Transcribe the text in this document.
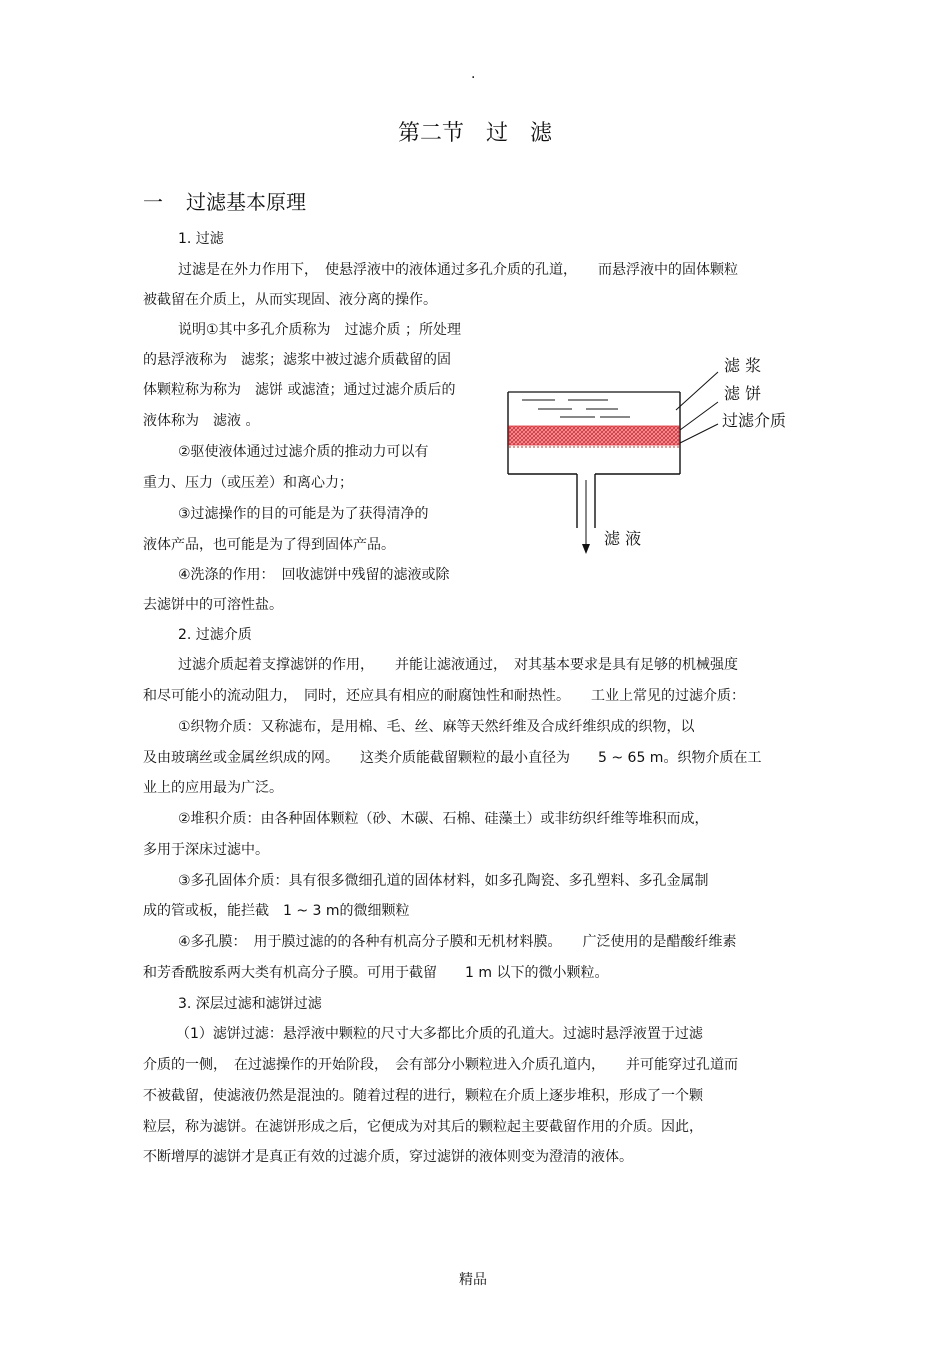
.
第二节　过　滤
一 过滤基本原理
1. 过滤
过滤是在外力作用下，　使悬浮液中的液体通过多孔介质的孔道，　　而悬浮液中的固体颗粒
被截留在介质上，从而实现固、液分离的操作。
说明①其中多孔介质称为　过滤介质 ；所处理
的悬浮液称为　滤浆；滤浆中被过滤介质截留的固
体颗粒称为称为　滤饼 或滤渣；通过过滤介质后的
液体称为　滤液 。
②驱使液体通过过滤介质的推动力可以有
重力、压力（或压差）和离心力；
③过滤操作的目的可能是为了获得清净的
液体产品，也可能是为了得到固体产品。
④洗涤的作用：　回收滤饼中残留的滤液或除
去滤饼中的可溶性盐。
滤 浆
滤 饼
过滤介质
滤 液
2. 过滤介质
过滤介质起着支撑滤饼的作用，　　并能让滤液通过，　对其基本要求是具有足够的机械强度
和尽可能小的流动阻力，　同时，还应具有相应的耐腐蚀性和耐热性。　　工业上常见的过滤介质：
①织物介质：又称滤布，是用棉、毛、丝、麻等天然纤维及合成纤维织成的织物，以
及由玻璃丝或金属丝织成的网。　　这类介质能截留颗粒的最小直径为　　5 ~ 65 m。织物介质在工
业上的应用最为广泛。
②堆积介质：由各种固体颗粒（砂、木碳、石棉、硅藻土）或非纺织纤维等堆积而成，
多用于深床过滤中。
③多孔固体介质：具有很多微细孔道的固体材料，如多孔陶瓷、多孔塑料、多孔金属制
成的管或板，能拦截　1 ~ 3 m的微细颗粒
④多孔膜：　用于膜过滤的的各种有机高分子膜和无机材料膜。　　广泛使用的是醋酸纤维素
和芳香酰胺系两大类有机高分子膜。可用于截留　　1 m 以下的微小颗粒。
3. 深层过滤和滤饼过滤
（1）滤饼过滤：悬浮液中颗粒的尺寸大多都比介质的孔道大。过滤时悬浮液置于过滤
介质的一侧，　在过滤操作的开始阶段，　会有部分小颗粒进入介质孔道内，　　并可能穿过孔道而
不被截留，使滤液仍然是混浊的。随着过程的进行，颗粒在介质上逐步堆积，形成了一个颗
粒层，称为滤饼。在滤饼形成之后，它便成为对其后的颗粒起主要截留作用的介质。因此，
不断增厚的滤饼才是真正有效的过滤介质，穿过滤饼的液体则变为澄清的液体。
精品
